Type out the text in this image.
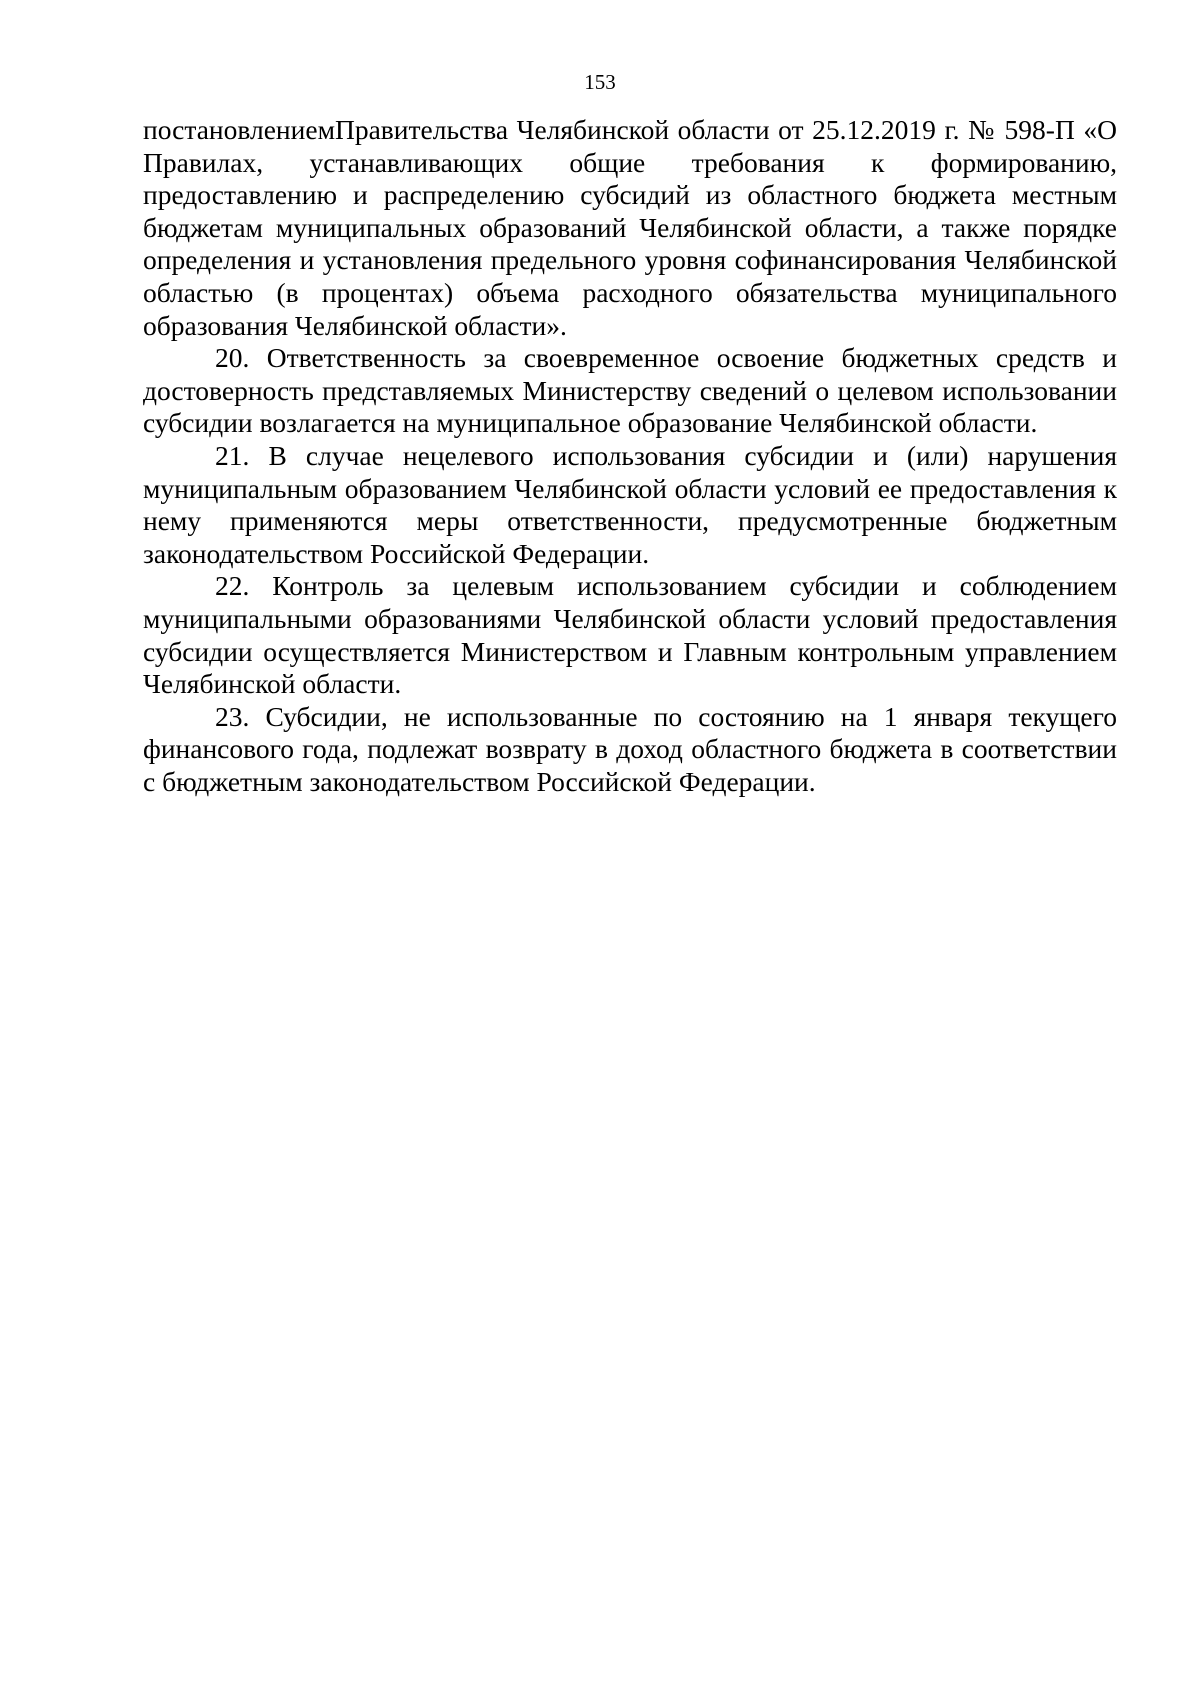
153

постановлениемПравительства Челябинской области от 25.12.2019 г. № 598-П «О Правилах, устанавливающих общие требования к формированию, предоставлению и распределению субсидий из областного бюджета местным бюджетам муниципальных образований Челябинской области, а также порядке определения и установления предельного уровня софинансирования Челябинской областью (в процентах) объема расходного обязательства муниципального образования Челябинской области».

20. Ответственность за своевременное освоение бюджетных средств и достоверность представляемых Министерству сведений о целевом использовании субсидии возлагается на муниципальное образование Челябинской области.

21. В случае нецелевого использования субсидии и (или) нарушения муниципальным образованием Челябинской области условий ее предоставления к нему применяются меры ответственности, предусмотренные бюджетным законодательством Российской Федерации.

22. Контроль за целевым использованием субсидии и соблюдением муниципальными образованиями Челябинской области условий предоставления субсидии осуществляется Министерством и Главным контрольным управлением Челябинской области.

23. Субсидии, не использованные по состоянию на 1 января текущего финансового года, подлежат возврату в доход областного бюджета в соответствии с бюджетным законодательством Российской Федерации.
